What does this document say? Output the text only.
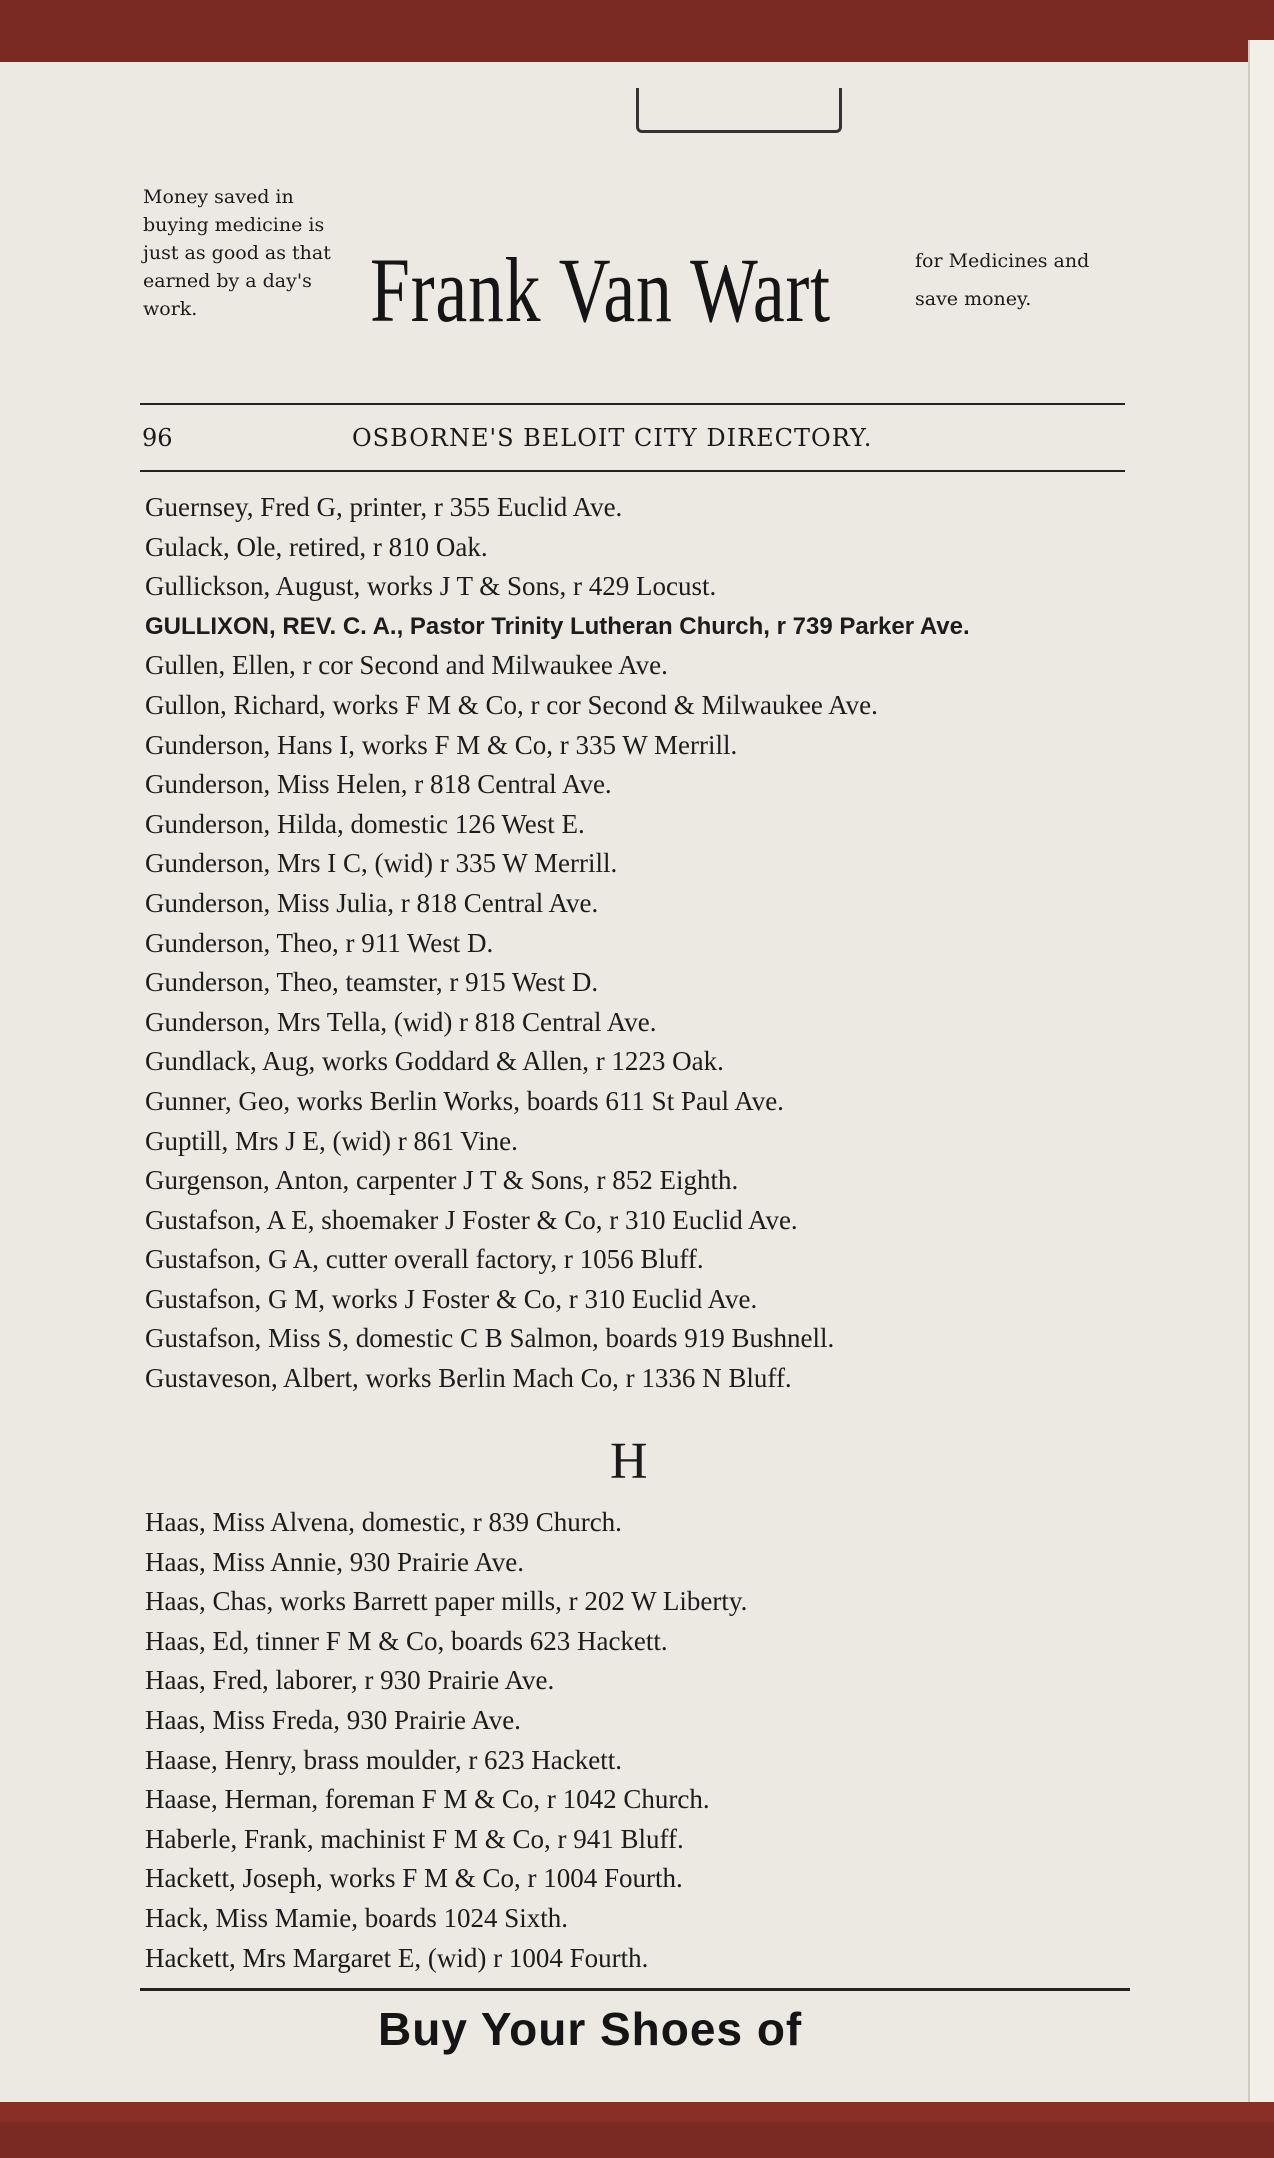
Money saved in buying medicine is just as good as that earned by a day's work.	Frank Van Wart	for Medicines and save money.
96	OSBORNE'S BELOIT CITY DIRECTORY.
Guernsey, Fred G, printer, r 355 Euclid Ave.
Gulack, Ole, retired, r 810 Oak.
Gullickson, August, works J T & Sons, r 429 Locust.
GULLIXON, REV. C. A., Pastor Trinity Lutheran Church, r 739 Parker Ave.
Gullen, Ellen, r cor Second and Milwaukee Ave.
Gullon, Richard, works F M & Co, r cor Second & Milwaukee Ave.
Gunderson, Hans I, works F M & Co, r 335 W Merrill.
Gunderson, Miss Helen, r 818 Central Ave.
Gunderson, Hilda, domestic 126 West E.
Gunderson, Mrs I C, (wid) r 335 W Merrill.
Gunderson, Miss Julia, r 818 Central Ave.
Gunderson, Theo, r 911 West D.
Gunderson, Theo, teamster, r 915 West D.
Gunderson, Mrs Tella, (wid) r 818 Central Ave.
Gundlack, Aug, works Goddard & Allen, r 1223 Oak.
Gunner, Geo, works Berlin Works, boards 611 St Paul Ave.
Guptill, Mrs J E, (wid) r 861 Vine.
Gurgenson, Anton, carpenter J T & Sons, r 852 Eighth.
Gustafson, A E, shoemaker J Foster & Co, r 310 Euclid Ave.
Gustafson, G A, cutter overall factory, r 1056 Bluff.
Gustafson, G M, works J Foster & Co, r 310 Euclid Ave.
Gustafson, Miss S, domestic C B Salmon, boards 919 Bushnell.
Gustaveson, Albert, works Berlin Mach Co, r 1336 N Bluff.
H
Haas, Miss Alvena, domestic, r 839 Church.
Haas, Miss Annie, 930 Prairie Ave.
Haas, Chas, works Barrett paper mills, r 202 W Liberty.
Haas, Ed, tinner F M & Co, boards 623 Hackett.
Haas, Fred, laborer, r 930 Prairie Ave.
Haas, Miss Freda, 930 Prairie Ave.
Haase, Henry, brass moulder, r 623 Hackett.
Haase, Herman, foreman F M & Co, r 1042 Church.
Haberle, Frank, machinist F M & Co, r 941 Bluff.
Hackett, Joseph, works F M & Co, r 1004 Fourth.
Hack, Miss Mamie, boards 1024 Sixth.
Hackett, Mrs Margaret E, (wid) r 1004 Fourth.
Buy Your Shoes of
